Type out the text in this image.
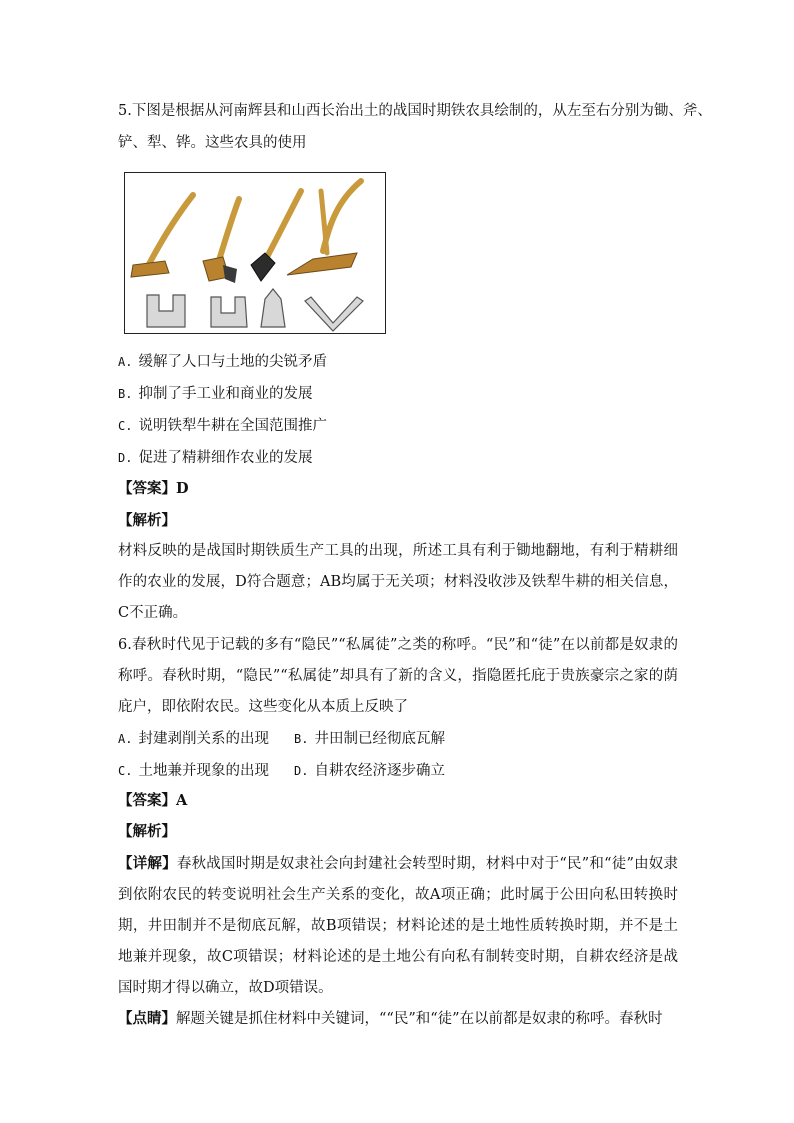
5.下图是根据从河南辉县和山西长治出土的战国时期铁农具绘制的，从左至右分别为锄、斧、
铲、犁、铧。这些农具的使用
A. 缓解了人口与土地的尖锐矛盾
B. 抑制了手工业和商业的发展
C. 说明铁犁牛耕在全国范围推广
D. 促进了精耕细作农业的发展
【答案】D
【解析】
材料反映的是战国时期铁质生产工具的出现，所述工具有利于锄地翻地，有利于精耕细作的农业的发展，D符合题意；AB均属于无关项；材料没收涉及铁犁牛耕的相关信息，C不正确。
6.春秋时代见于记载的多有“隐民”“私属徒”之类的称呼。“民”和“徒”在以前都是奴隶的称呼。春秋时期，“隐民”“私属徒”却具有了新的含义，指隐匿托庇于贵族豪宗之家的荫庇户，即依附农民。这些变化从本质上反映了
A. 封建剥削关系的出现 B. 井田制已经彻底瓦解
C. 土地兼并现象的出现 D. 自耕农经济逐步确立
【答案】A
【解析】
【详解】春秋战国时期是奴隶社会向封建社会转型时期，材料中对于“民”和“徒”由奴隶到依附农民的转变说明社会生产关系的变化，故A项正确；此时属于公田向私田转换时期，井田制并不是彻底瓦解，故B项错误；材料论述的是土地性质转换时期，并不是土地兼并现象，故C项错误；材料论述的是土地公有向私有制转变时期，自耕农经济是战国时期才得以确立，故D项错误。
【点睛】解题关键是抓住材料中关键词，““民”和“徒”在以前都是奴隶的称呼。春秋时
